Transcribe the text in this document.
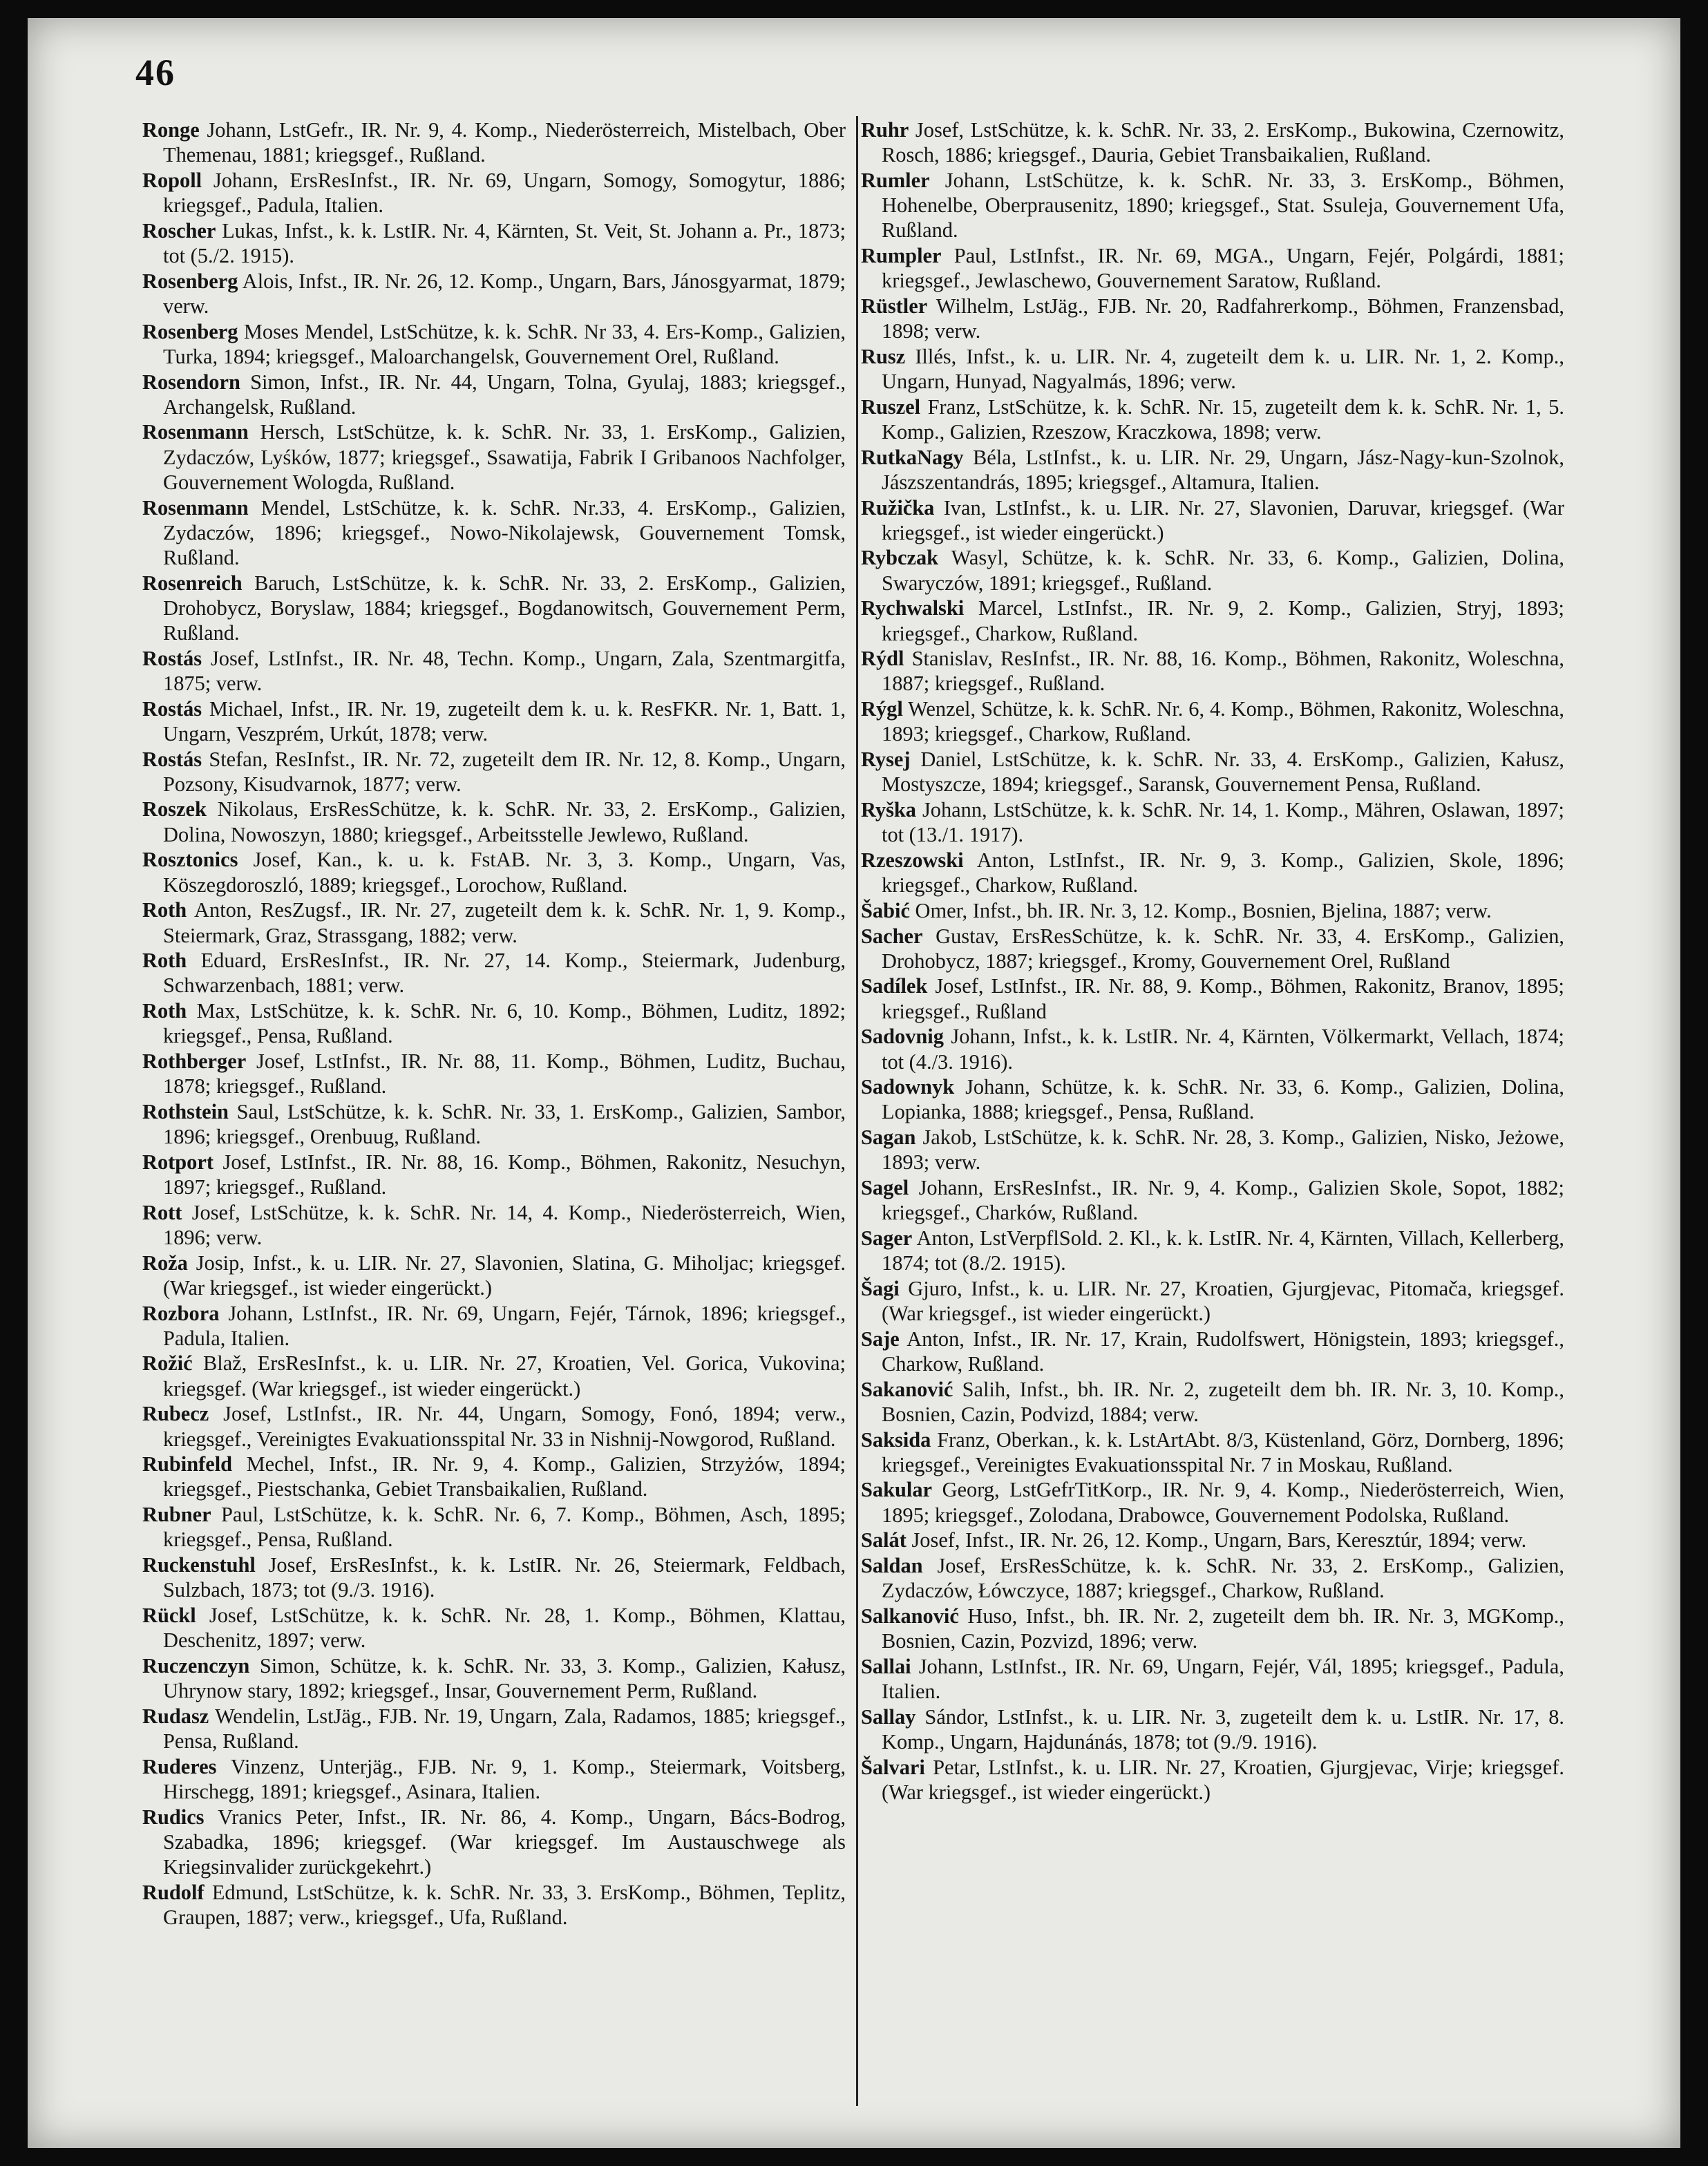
46

Ronge Johann, LstGefr., IR. Nr. 9, 4. Komp., Niederösterreich, Mistelbach, Ober Themenau, 1881; kriegsgef., Rußland.

Ropoll Johann, ErsResInfst., IR. Nr. 69, Ungarn, Somogy, Somogytur, 1886; kriegsgef., Padula, Italien.

Roscher Lukas, Infst., k. k. LstIR. Nr. 4, Kärnten, St. Veit, St. Johann a. Pr., 1873; tot (5./2. 1915).

Rosenberg Alois, Infst., IR. Nr. 26, 12. Komp., Ungarn, Bars, Jánosgyarmat, 1879; verw.

Rosenberg Moses Mendel, LstSchütze, k. k. SchR. Nr 33, 4. Ers-Komp., Galizien, Turka, 1894; kriegsgef., Maloarchangelsk, Gouvernement Orel, Rußland.

Rosendorn Simon, Infst., IR. Nr. 44, Ungarn, Tolna, Gyulaj, 1883; kriegsgef., Archangelsk, Rußland.

Rosenmann Hersch, LstSchütze, k. k. SchR. Nr. 33, 1. ErsKomp., Galizien, Zydaczów, Lyśków, 1877; kriegsgef., Ssawatija, Fabrik I Gribanoos Nachfolger, Gouvernement Wologda, Rußland.

Rosenmann Mendel, LstSchütze, k. k. SchR. Nr.33, 4. ErsKomp., Galizien, Zydaczów, 1896; kriegsgef., Nowo-Nikolajewsk, Gouvernement Tomsk, Rußland.

Rosenreich Baruch, LstSchütze, k. k. SchR. Nr. 33, 2. ErsKomp., Galizien, Drohobycz, Boryslaw, 1884; kriegsgef., Bogdanowitsch, Gouvernement Perm, Rußland.

Rostás Josef, LstInfst., IR. Nr. 48, Techn. Komp., Ungarn, Zala, Szentmargitfa, 1875; verw.

Rostás Michael, Infst., IR. Nr. 19, zugeteilt dem k. u. k. ResFKR. Nr. 1, Batt. 1, Ungarn, Veszprém, Urkút, 1878; verw.

Rostás Stefan, ResInfst., IR. Nr. 72, zugeteilt dem IR. Nr. 12, 8. Komp., Ungarn, Pozsony, Kisudvarnok, 1877; verw.

Roszek Nikolaus, ErsResSchütze, k. k. SchR. Nr. 33, 2. ErsKomp., Galizien, Dolina, Nowoszyn, 1880; kriegsgef., Arbeitsstelle Jewlewo, Rußland.

Rosztonics Josef, Kan., k. u. k. FstAB. Nr. 3, 3. Komp., Ungarn, Vas, Köszegdoroszló, 1889; kriegsgef., Lorochow, Rußland.

Roth Anton, ResZugsf., IR. Nr. 27, zugeteilt dem k. k. SchR. Nr. 1, 9. Komp., Steiermark, Graz, Strassgang, 1882; verw.

Roth Eduard, ErsResInfst., IR. Nr. 27, 14. Komp., Steiermark, Judenburg, Schwarzenbach, 1881; verw.

Roth Max, LstSchütze, k. k. SchR. Nr. 6, 10. Komp., Böhmen, Luditz, 1892; kriegsgef., Pensa, Rußland.

Rothberger Josef, LstInfst., IR. Nr. 88, 11. Komp., Böhmen, Luditz, Buchau, 1878; kriegsgef., Rußland.

Rothstein Saul, LstSchütze, k. k. SchR. Nr. 33, 1. ErsKomp., Galizien, Sambor, 1896; kriegsgef., Orenbuug, Rußland.

Rotport Josef, LstInfst., IR. Nr. 88, 16. Komp., Böhmen, Rakonitz, Nesuchyn, 1897; kriegsgef., Rußland.

Rott Josef, LstSchütze, k. k. SchR. Nr. 14, 4. Komp., Niederösterreich, Wien, 1896; verw.

Roža Josip, Infst., k. u. LIR. Nr. 27, Slavonien, Slatina, G. Miholjac; kriegsgef. (War kriegsgef., ist wieder eingerückt.)

Rozbora Johann, LstInfst., IR. Nr. 69, Ungarn, Fejér, Tárnok, 1896; kriegsgef., Padula, Italien.

Rožić Blaž, ErsResInfst., k. u. LIR. Nr. 27, Kroatien, Vel. Gorica, Vukovina; kriegsgef. (War kriegsgef., ist wieder eingerückt.)

Rubecz Josef, LstInfst., IR. Nr. 44, Ungarn, Somogy, Fonó, 1894; verw., kriegsgef., Vereinigtes Evakuationsspital Nr. 33 in Nishnij-Nowgorod, Rußland.

Rubinfeld Mechel, Infst., IR. Nr. 9, 4. Komp., Galizien, Strzyżów, 1894; kriegsgef., Piestschanka, Gebiet Transbaikalien, Rußland.

Rubner Paul, LstSchütze, k. k. SchR. Nr. 6, 7. Komp., Böhmen, Asch, 1895; kriegsgef., Pensa, Rußland.

Ruckenstuhl Josef, ErsResInfst., k. k. LstIR. Nr. 26, Steiermark, Feldbach, Sulzbach, 1873; tot (9./3. 1916).

Rückl Josef, LstSchütze, k. k. SchR. Nr. 28, 1. Komp., Böhmen, Klattau, Deschenitz, 1897; verw.

Ruczenczyn Simon, Schütze, k. k. SchR. Nr. 33, 3. Komp., Galizien, Kałusz, Uhrynow stary, 1892; kriegsgef., Insar, Gouvernement Perm, Rußland.

Rudasz Wendelin, LstJäg., FJB. Nr. 19, Ungarn, Zala, Radamos, 1885; kriegsgef., Pensa, Rußland.

Ruderes Vinzenz, Unterjäg., FJB. Nr. 9, 1. Komp., Steiermark, Voitsberg, Hirschegg, 1891; kriegsgef., Asinara, Italien.

Rudics Vranics Peter, Infst., IR. Nr. 86, 4. Komp., Ungarn, Bács-Bodrog, Szabadka, 1896; kriegsgef. (War kriegsgef. Im Austauschwege als Kriegsinvalider zurückgekehrt.)

Rudolf Edmund, LstSchütze, k. k. SchR. Nr. 33, 3. ErsKomp., Böhmen, Teplitz, Graupen, 1887; verw., kriegsgef., Ufa, Rußland.

Ruhr Josef, LstSchütze, k. k. SchR. Nr. 33, 2. ErsKomp., Bukowina, Czernowitz, Rosch, 1886; kriegsgef., Dauria, Gebiet Transbaikalien, Rußland.

Rumler Johann, LstSchütze, k. k. SchR. Nr. 33, 3. ErsKomp., Böhmen, Hohenelbe, Oberprausenitz, 1890; kriegsgef., Stat. Ssuleja, Gouvernement Ufa, Rußland.

Rumpler Paul, LstInfst., IR. Nr. 69, MGA., Ungarn, Fejér, Polgárdi, 1881; kriegsgef., Jewlaschewo, Gouvernement Saratow, Rußland.

Rüstler Wilhelm, LstJäg., FJB. Nr. 20, Radfahrerkomp., Böhmen, Franzensbad, 1898; verw.

Rusz Illés, Infst., k. u. LIR. Nr. 4, zugeteilt dem k. u. LIR. Nr. 1, 2. Komp., Ungarn, Hunyad, Nagyalmás, 1896; verw.

Ruszel Franz, LstSchütze, k. k. SchR. Nr. 15, zugeteilt dem k. k. SchR. Nr. 1, 5. Komp., Galizien, Rzeszow, Kraczkowa, 1898; verw.

RutkaNagy Béla, LstInfst., k. u. LIR. Nr. 29, Ungarn, Jász-Nagy-kun-Szolnok, Jászszentandrás, 1895; kriegsgef., Altamura, Italien.

Ružička Ivan, LstInfst., k. u. LIR. Nr. 27, Slavonien, Daruvar, kriegsgef. (War kriegsgef., ist wieder eingerückt.)

Rybczak Wasyl, Schütze, k. k. SchR. Nr. 33, 6. Komp., Galizien, Dolina, Swaryczów, 1891; kriegsgef., Rußland.

Rychwalski Marcel, LstInfst., IR. Nr. 9, 2. Komp., Galizien, Stryj, 1893; kriegsgef., Charkow, Rußland.

Rýdl Stanislav, ResInfst., IR. Nr. 88, 16. Komp., Böhmen, Rakonitz, Woleschna, 1887; kriegsgef., Rußland.

Rýgl Wenzel, Schütze, k. k. SchR. Nr. 6, 4. Komp., Böhmen, Rakonitz, Woleschna, 1893; kriegsgef., Charkow, Rußland.

Rysej Daniel, LstSchütze, k. k. SchR. Nr. 33, 4. ErsKomp., Galizien, Kałusz, Mostyszcze, 1894; kriegsgef., Saransk, Gouvernement Pensa, Rußland.

Ryška Johann, LstSchütze, k. k. SchR. Nr. 14, 1. Komp., Mähren, Oslawan, 1897; tot (13./1. 1917).

Rzeszowski Anton, LstInfst., IR. Nr. 9, 3. Komp., Galizien, Skole, 1896; kriegsgef., Charkow, Rußland.

Šabić Omer, Infst., bh. IR. Nr. 3, 12. Komp., Bosnien, Bjelina, 1887; verw.

Sacher Gustav, ErsResSchütze, k. k. SchR. Nr. 33, 4. ErsKomp., Galizien, Drohobycz, 1887; kriegsgef., Kromy, Gouvernement Orel, Rußland

Sadílek Josef, LstInfst., IR. Nr. 88, 9. Komp., Böhmen, Rakonitz, Branov, 1895; kriegsgef., Rußland

Sadovnig Johann, Infst., k. k. LstIR. Nr. 4, Kärnten, Völkermarkt, Vellach, 1874; tot (4./3. 1916).

Sadownyk Johann, Schütze, k. k. SchR. Nr. 33, 6. Komp., Galizien, Dolina, Lopianka, 1888; kriegsgef., Pensa, Rußland.

Sagan Jakob, LstSchütze, k. k. SchR. Nr. 28, 3. Komp., Galizien, Nisko, Jeżowe, 1893; verw.

Sagel Johann, ErsResInfst., IR. Nr. 9, 4. Komp., Galizien Skole, Sopot, 1882; kriegsgef., Charków, Rußland.

Sager Anton, LstVerpflSold. 2. Kl., k. k. LstIR. Nr. 4, Kärnten, Villach, Kellerberg, 1874; tot (8./2. 1915).

Šagi Gjuro, Infst., k. u. LIR. Nr. 27, Kroatien, Gjurgjevac, Pitomača, kriegsgef. (War kriegsgef., ist wieder eingerückt.)

Saje Anton, Infst., IR. Nr. 17, Krain, Rudolfswert, Hönigstein, 1893; kriegsgef., Charkow, Rußland.

Sakanović Salih, Infst., bh. IR. Nr. 2, zugeteilt dem bh. IR. Nr. 3, 10. Komp., Bosnien, Cazin, Podvizd, 1884; verw.

Saksida Franz, Oberkan., k. k. LstArtAbt. 8/3, Küstenland, Görz, Dornberg, 1896; kriegsgef., Vereinigtes Evakuationsspital Nr. 7 in Moskau, Rußland.

Sakular Georg, LstGefrTitKorp., IR. Nr. 9, 4. Komp., Niederösterreich, Wien, 1895; kriegsgef., Zolodana, Drabowce, Gouvernement Podolska, Rußland.

Salát Josef, Infst., IR. Nr. 26, 12. Komp., Ungarn, Bars, Keresztúr, 1894; verw.

Saldan Josef, ErsResSchütze, k. k. SchR. Nr. 33, 2. ErsKomp., Galizien, Zydaczów, Łówczyce, 1887; kriegsgef., Charkow, Rußland.

Salkanović Huso, Infst., bh. IR. Nr. 2, zugeteilt dem bh. IR. Nr. 3, MGKomp., Bosnien, Cazin, Pozvizd, 1896; verw.

Sallai Johann, LstInfst., IR. Nr. 69, Ungarn, Fejér, Vál, 1895; kriegsgef., Padula, Italien.

Sallay Sándor, LstInfst., k. u. LIR. Nr. 3, zugeteilt dem k. u. LstIR. Nr. 17, 8. Komp., Ungarn, Hajdunánás, 1878; tot (9./9. 1916).

Šalvari Petar, LstInfst., k. u. LIR. Nr. 27, Kroatien, Gjurgjevac, Virje; kriegsgef. (War kriegsgef., ist wieder eingerückt.)
